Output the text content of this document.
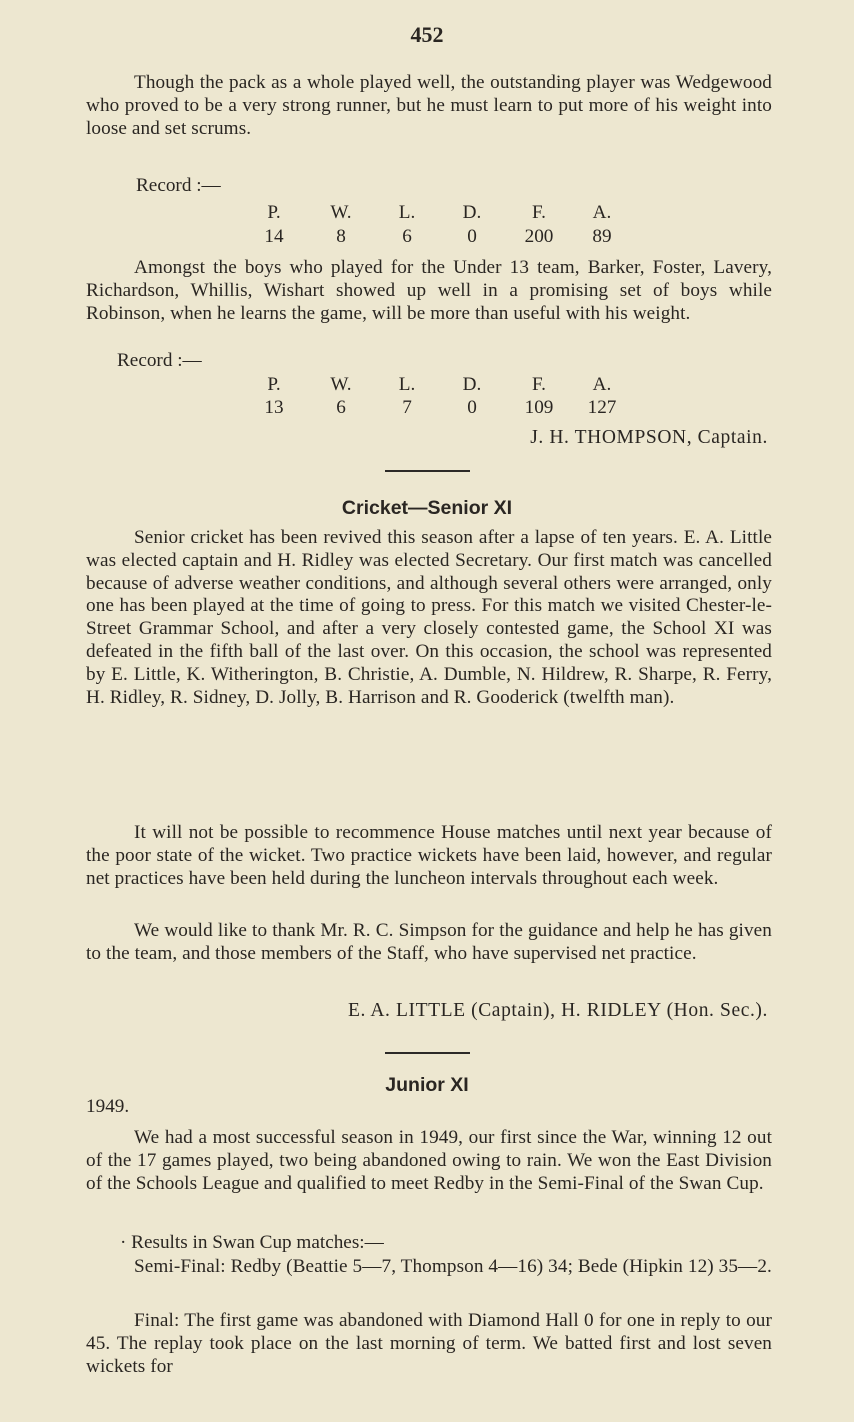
452
Though the pack as a whole played well, the outstanding player was Wedgewood who proved to be a very strong runner, but he must learn to put more of his weight into loose and set scrums.
Record :—
P.	W.	L.	D.	F.	A.
14	8	6	0	200	89
Amongst the boys who played for the Under 13 team, Barker, Foster, Lavery, Richardson, Whillis, Wishart showed up well in a promising set of boys while Robinson, when he learns the game, will be more than useful with his weight.
Record :—
P.	W.	L.	D.	F.	A.
13	6	7	0	109 127
J. H. THOMPSON, Captain.
Cricket—Senior XI
Senior cricket has been revived this season after a lapse of ten years. E. A. Little was elected captain and H. Ridley was elected Secretary. Our first match was cancelled because of adverse weather conditions, and although several others were arranged, only one has been played at the time of going to press. For this match we visited Chester-le-Street Grammar School, and after a very closely contested game, the School XI was defeated in the fifth ball of the last over. On this occasion, the school was represented by E. Little, K. Witherington, B. Christie, A. Dumble, N. Hildrew, R. Sharpe, R. Ferry, H. Ridley, R. Sidney, D. Jolly, B. Harrison and R. Gooderick (twelfth man).
It will not be possible to recommence House matches until next year because of the poor state of the wicket. Two practice wickets have been laid, however, and regular net practices have been held during the luncheon intervals throughout each week.
We would like to thank Mr. R. C. Simpson for the guidance and help he has given to the team, and those members of the Staff, who have supervised net practice.
E. A. LITTLE (Captain), H. RIDLEY (Hon. Sec.).
Junior XI
1949.
We had a most successful season in 1949, our first since the War, winning 12 out of the 17 games played, two being abandoned owing to rain. We won the East Division of the Schools League and qualified to meet Redby in the Semi-Final of the Swan Cup.
· Results in Swan Cup matches:—
Semi-Final: Redby (Beattie 5—7, Thompson 4—16) 34; Bede (Hipkin 12) 35—2.
Final: The first game was abandoned with Diamond Hall 0 for one in reply to our 45. The replay took place on the last morning of term. We batted first and lost seven wickets for
